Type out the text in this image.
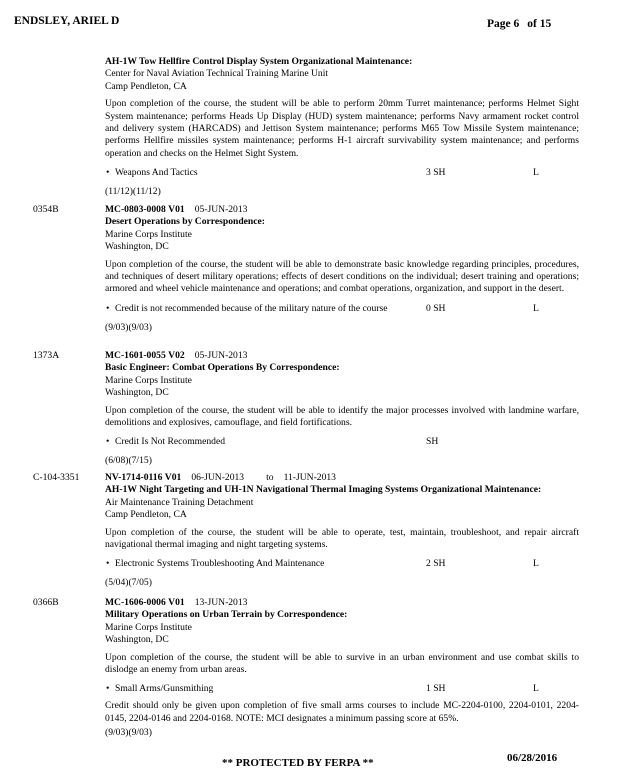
ENDSLEY, ARIEL D	Page 6 of 15
AH-1W Tow Hellfire Control Display System Organizational Maintenance:
Center for Naval Aviation Technical Training Marine Unit
Camp Pendleton, CA
Upon completion of the course, the student will be able to perform 20mm Turret maintenance; performs Helmet Sight System maintenance; performs Heads Up Display (HUD) system maintenance; performs Navy armament rocket control and delivery system (HARCADS) and Jettison System maintenance; performs M65 Tow Missile System maintenance; performs Hellfire missiles system maintenance; performs H-1 aircraft survivability system maintenance; and performs operation and checks on the Helmet Sight System.
• Weapons And Tactics	3 SH	L
(11/12)(11/12)
0354B	MC-0803-0008 V01 05-JUN-2013
Desert Operations by Correspondence:
Marine Corps Institute
Washington, DC
Upon completion of the course, the student will be able to demonstrate basic knowledge regarding principles, procedures, and techniques of desert military operations; effects of desert conditions on the individual; desert training and operations; armored and wheel vehicle maintenance and operations; and combat operations, organization, and support in the desert.
• Credit is not recommended because of the military nature of the course	0 SH	L
(9/03)(9/03)
1373A	MC-1601-0055 V02 05-JUN-2013
Basic Engineer: Combat Operations By Correspondence:
Marine Corps Institute
Washington, DC
Upon completion of the course, the student will be able to identify the major processes involved with landmine warfare, demolitions and explosives, camouflage, and field fortifications.
• Credit Is Not Recommended	SH
(6/08)(7/15)
C-104-3351	NV-1714-0116 V01 06-JUN-2013 to 11-JUN-2013
AH-1W Night Targeting and UH-1N Navigational Thermal Imaging Systems Organizational Maintenance:
Air Maintenance Training Detachment
Camp Pendleton, CA
Upon completion of the course, the student will be able to operate, test, maintain, troubleshoot, and repair aircraft navigational thermal imaging and night targeting systems.
• Electronic Systems Troubleshooting And Maintenance	2 SH	L
(5/04)(7/05)
0366B	MC-1606-0006 V01 13-JUN-2013
Military Operations on Urban Terrain by Correspondence:
Marine Corps Institute
Washington, DC
Upon completion of the course, the student will be able to survive in an urban environment and use combat skills to dislodge an enemy from urban areas.
• Small Arms/Gunsmithing	1 SH	L
Credit should only be given upon completion of five small arms courses to include MC-2204-0100, 2204-0101, 2204-0145, 2204-0146 and 2204-0168. NOTE: MCI designates a minimum passing score at 65%.
(9/03)(9/03)
06/28/2016
** PROTECTED BY FERPA **
